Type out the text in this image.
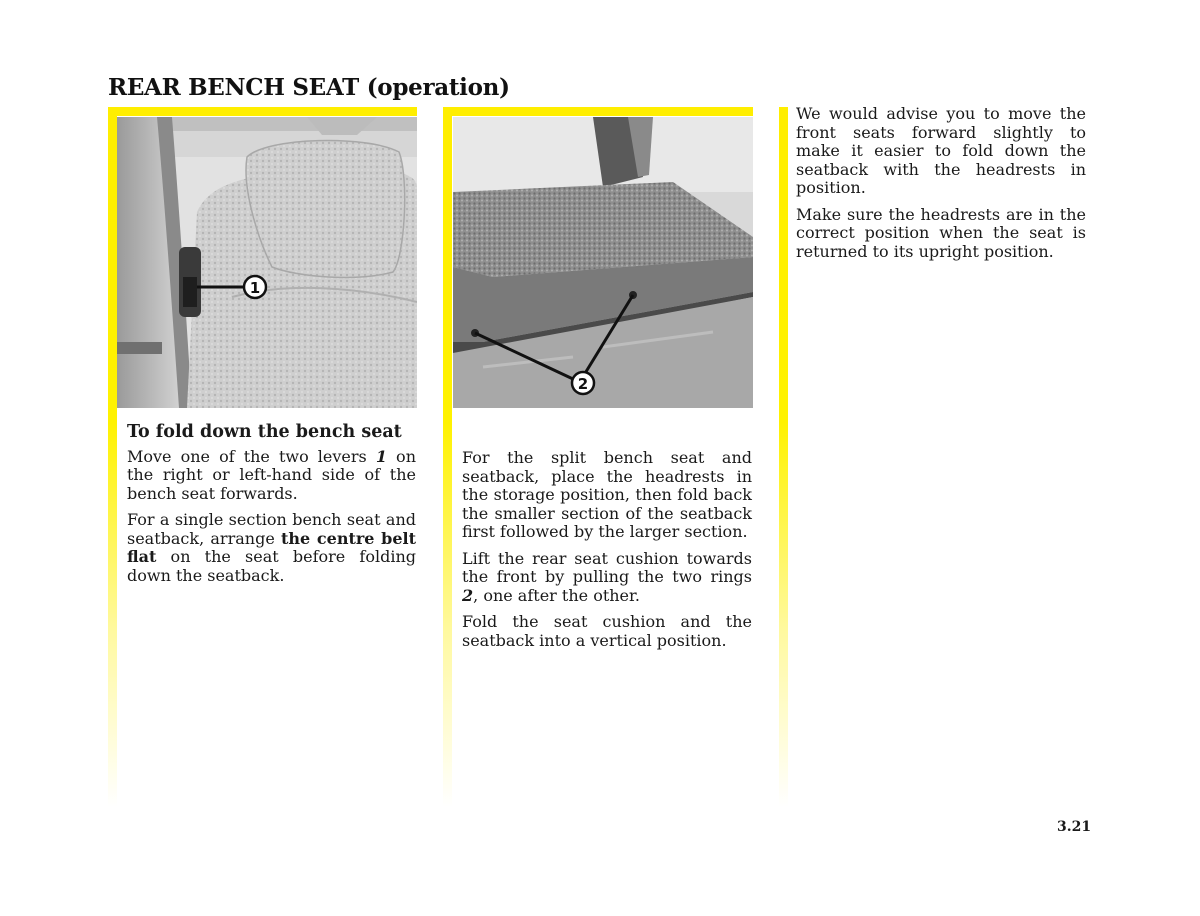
REAR BENCH SEAT (operation)
1
2

To fold down the bench seat

Move one of the two levers 1 on the right or left-hand side of the bench seat forwards.

For a single section bench seat and seatback, arrange the centre belt flat on the seat before folding down the seatback.

For the split bench seat and seatback, place the headrests in the storage position, then fold back the smaller section of the seatback first followed by the larger section.

Lift the rear seat cushion towards the front by pulling the two rings 2, one after the other.

Fold the seat cushion and the seatback into a vertical position.

We would advise you to move the front seats forward slightly to make it easier to fold down the seatback with the headrests in position.

Make sure the headrests are in the correct position when the seat is returned to its upright position.

3.21
